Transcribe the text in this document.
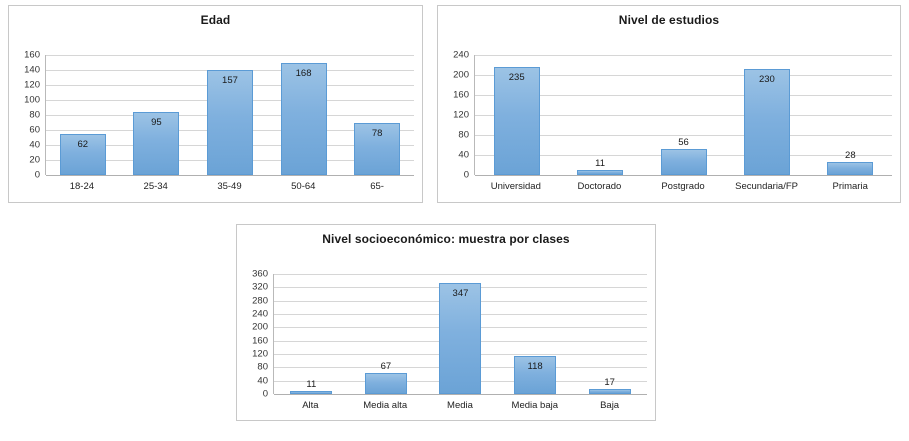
Edad
160
140
120
100
80
60
40
20
0
62
95
157
168
78
18-24	25-34	35-49	50-64	65-
Nivel de estudios
240
200
160
120
80
40
0
235
11
56
230
28
Universidad	Doctorado	Postgrado	Secundaria/FP	Primaria
Nivel socioeconómico: muestra por clases
360
320
280
240
200
160
120
80
40
0
11
67
347
118
17
Alta	Media alta	Media	Media baja	Baja
